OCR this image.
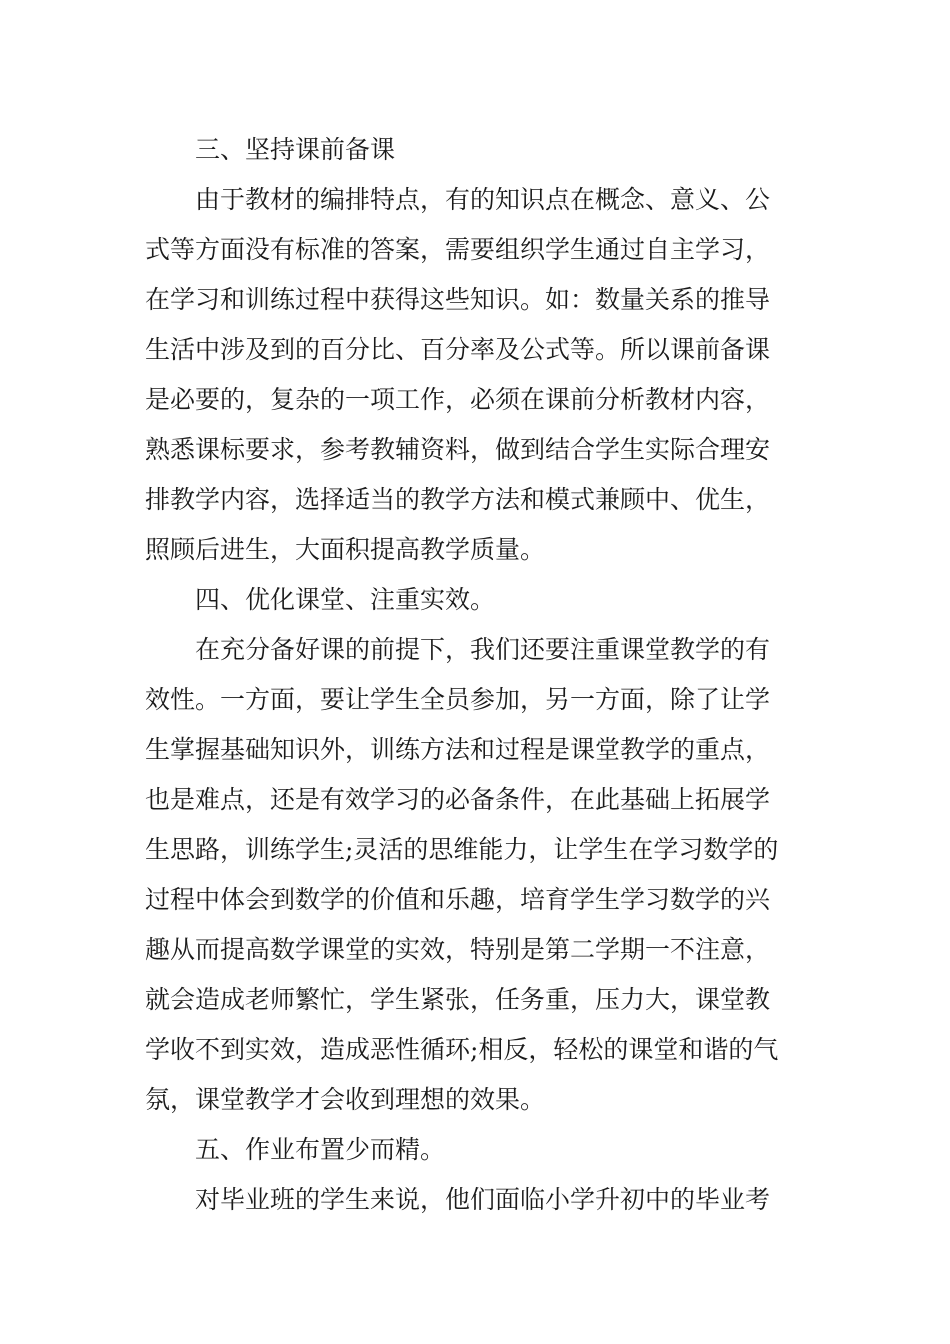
三、坚持课前备课
由于教材的编排特点，有的知识点在概念、意义、公
式等方面没有标准的答案，需要组织学生通过自主学习，
在学习和训练过程中获得这些知识。如：数量关系的推导
生活中涉及到的百分比、百分率及公式等。所以课前备课
是必要的，复杂的一项工作，必须在课前分析教材内容，
熟悉课标要求，参考教辅资料，做到结合学生实际合理安
排教学内容，选择适当的教学方法和模式兼顾中、优生，
照顾后进生，大面积提高教学质量。
四、优化课堂、注重实效。
在充分备好课的前提下，我们还要注重课堂教学的有
效性。一方面，要让学生全员参加，另一方面，除了让学
生掌握基础知识外，训练方法和过程是课堂教学的重点，
也是难点，还是有效学习的必备条件，在此基础上拓展学
生思路，训练学生;灵活的思维能力，让学生在学习数学的
过程中体会到数学的价值和乐趣，培育学生学习数学的兴
趣从而提高数学课堂的实效，特别是第二学期一不注意，
就会造成老师繁忙，学生紧张，任务重，压力大，课堂教
学收不到实效，造成恶性循环;相反，轻松的课堂和谐的气
氛，课堂教学才会收到理想的效果。
五、作业布置少而精。
对毕业班的学生来说，他们面临小学升初中的毕业考
